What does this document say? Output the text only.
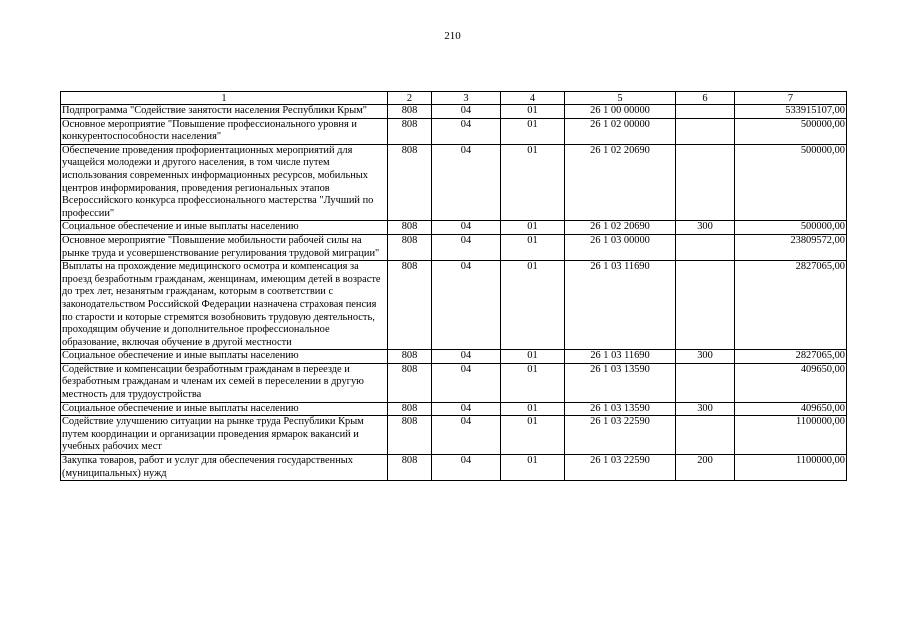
210
1	2	3	4	5	6	7
Подпрограмма "Содействие занятости населения Республики Крым"	808	04	01	26 1 00 00000		533915107,00
Основное мероприятие "Повышение профессионального уровня и конкурентоспособности населения"	808	04	01	26 1 02 00000		500000,00
Обеспечение проведения профориентационных мероприятий для учащейся молодежи и другого населения, в том числе путем использования современных информационных ресурсов, мобильных центров информирования, проведения региональных этапов Всероссийского конкурса профессионального мастерства "Лучший по профессии"	808	04	01	26 1 02 20690		500000,00
Социальное обеспечение и иные выплаты населению	808	04	01	26 1 02 20690	300	500000,00
Основное мероприятие "Повышение мобильности рабочей силы на рынке труда и усовершенствование регулирования трудовой миграции"	808	04	01	26 1 03 00000		23809572,00
Выплаты на прохождение медицинского осмотра и компенсация за проезд безработным гражданам, женщинам, имеющим детей в возрасте до трех лет, незанятым гражданам, которым в соответствии с законодательством Российской Федерации назначена страховая пенсия по старости и которые стремятся возобновить трудовую деятельность, проходящим обучение и дополнительное профессиональное образование, включая обучение в другой местности	808	04	01	26 1 03 11690		2827065,00
Социальное обеспечение и иные выплаты населению	808	04	01	26 1 03 11690	300	2827065,00
Содействие и компенсации безработным гражданам в переезде и безработным гражданам и членам их семей в переселении в другую местность для трудоустройства	808	04	01	26 1 03 13590		409650,00
Социальное обеспечение и иные выплаты населению	808	04	01	26 1 03 13590	300	409650,00
Содействие улучшению ситуации на рынке труда Республики Крым путем координации и организации проведения ярмарок вакансий и учебных рабочих мест	808	04	01	26 1 03 22590		1100000,00
Закупка товаров, работ и услуг для обеспечения государственных (муниципальных) нужд	808	04	01	26 1 03 22590	200	1100000,00
